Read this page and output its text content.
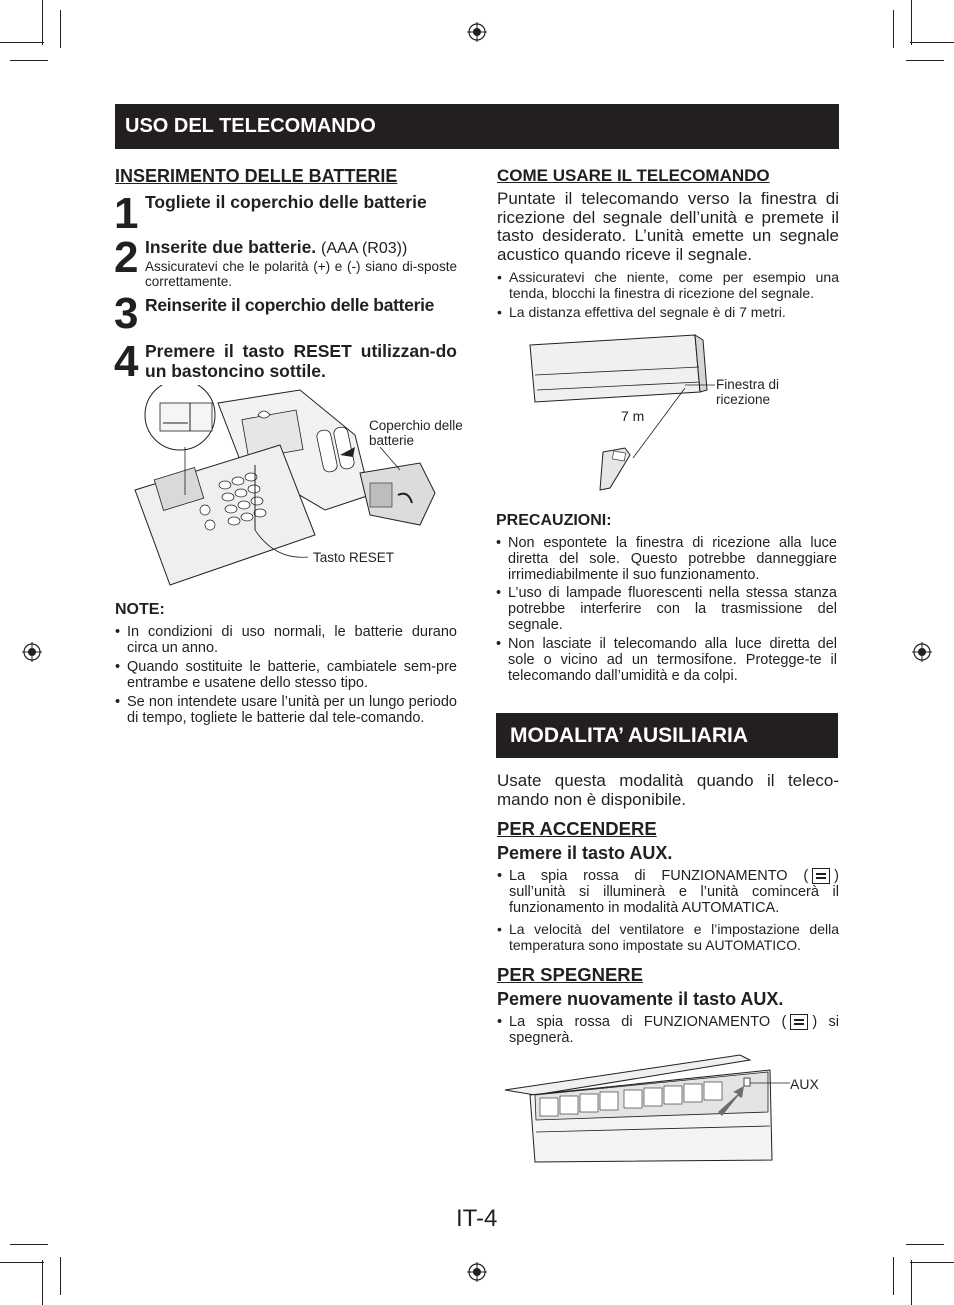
USO DEL TELECOMANDO
INSERIMENTO DELLE BATTERIE
1 Togliete il coperchio delle batterie
2 Inserite due batterie. (AAA (R03))
Assicuratevi che le polarità (+) e (-) siano di-sposte correttamente.
3 Reinserite il coperchio delle batterie
4 Premere il tasto RESET utilizzan-do un bastoncino sottile.
Coperchio delle batterie
Tasto RESET
NOTE:
• In condizioni di uso normali, le batterie durano circa un anno.
• Quando sostituite le batterie, cambiatele sem-pre entrambe e usatene dello stesso tipo.
• Se non intendete usare l’unità per un lungo periodo di tempo, togliete le batterie dal tele-comando.
COME USARE IL TELECOMANDO
Puntate il telecomando verso la finestra di ricezione del segnale dell’unità e premete il tasto desiderato. L’unità emette un segnale acustico quando riceve il segnale.
• Assicuratevi che niente, come per esempio una tenda, blocchi la finestra di ricezione del segnale.
• La distanza effettiva del segnale è di 7 metri.
Finestra di ricezione
7 m
PRECAUZIONI:
• Non espontete la finestra di ricezione alla luce diretta del sole. Questo potrebbe danneggiare irrimediabilmente il suo funzionamento.
• L’uso di lampade fluorescenti nella stessa stanza potrebbe interferire con la trasmissione del segnale.
• Non lasciate il telecomando alla luce diretta del sole o vicino ad un termosifone. Protegge-te il telecomando dall’umidità e da colpi.
MODALITA’ AUSILIARIA
Usate questa modalità quando il teleco-mando non è disponibile.
PER ACCENDERE
Pemere il tasto AUX.
• La spia rossa di FUNZIONAMENTO ( ) sull’unità si illuminerà e l’unità comincerà il funzionamento in modalità AUTOMATICA.
• La velocità del ventilatore e l’impostazione della temperatura sono impostate su AUTOMATICO.
PER SPEGNERE
Pemere nuovamente il tasto AUX.
• La spia rossa di FUNZIONAMENTO ( ) si spegnerà.
AUX
IT-4
